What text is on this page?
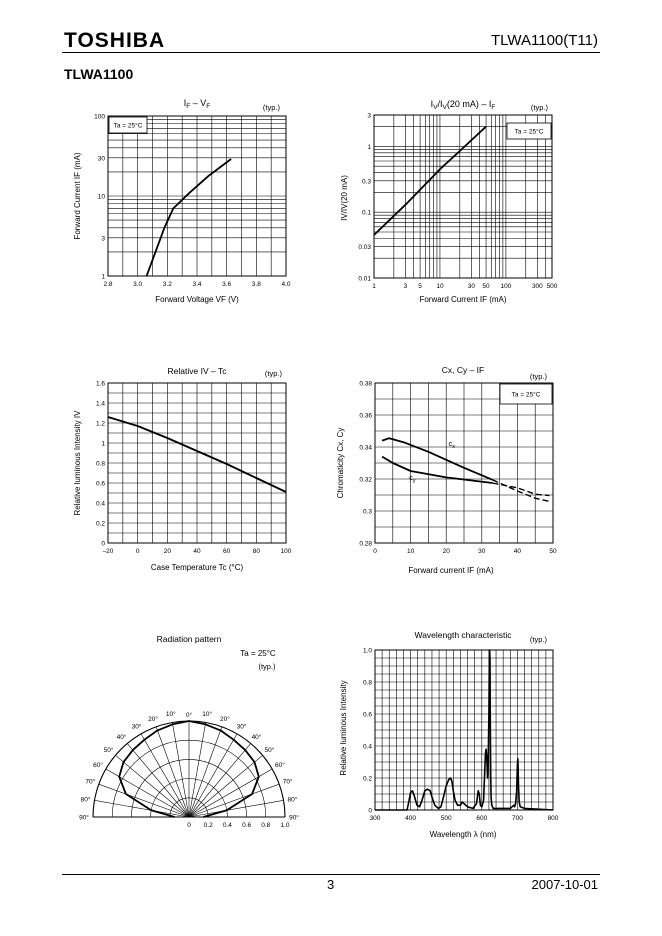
TOSHIBA	TLWA1100(T11)
TLWA1100
2.8	3.0	3.2	3.4	3.6	3.8	4.0
1
3
10
30
100
Ta = 25°C
$I_F - V_F$	(typ.)
Forward Voltage VF (V)
Forward Current IF (mA)
1	3 5 10	30 50 100	300 500
0.01
0.03
0.1
0.3
1
3
Ta = 25°C
$I_V/I_V(20$ $mA) - I_F$	(typ.)
Forward Current IF (mA)
IV/IV(20 mA)
–20	0	20	40	60	80	100
0
0.2
0.4
0.6
0.8
1
1.2
1.4
1.6
Relative IV – Tc	(typ.)
Case Temperature Tc (°C)
Relative luminous Intensity IV
0	10	20	30	40	50
0.28
0.3
0.32
0.34
0.36
0.38
$c_x$
$c_y$
Ta = 25°C
Cx, Cy – IF
(typ.)
Forward current IF (mA)
Chromaticity Cx, Cy
0°
10°
20°
30°
40°
50°
60°
70°
80°
90°
10°
20°
30°
40°
50°
60°
70°
80°
90°
0 0.2 0.4 0.6 0.8 1.0
Radiation pattern
Ta = 25°C
(typ.)
300	400	500	600	700	800
0
0.2
0.4
0.6
0.8
1.0
Wavelength characteristic (typ.)
Wavelength λ (nm)
Relative luminous Intensity
3	2007-10-01
